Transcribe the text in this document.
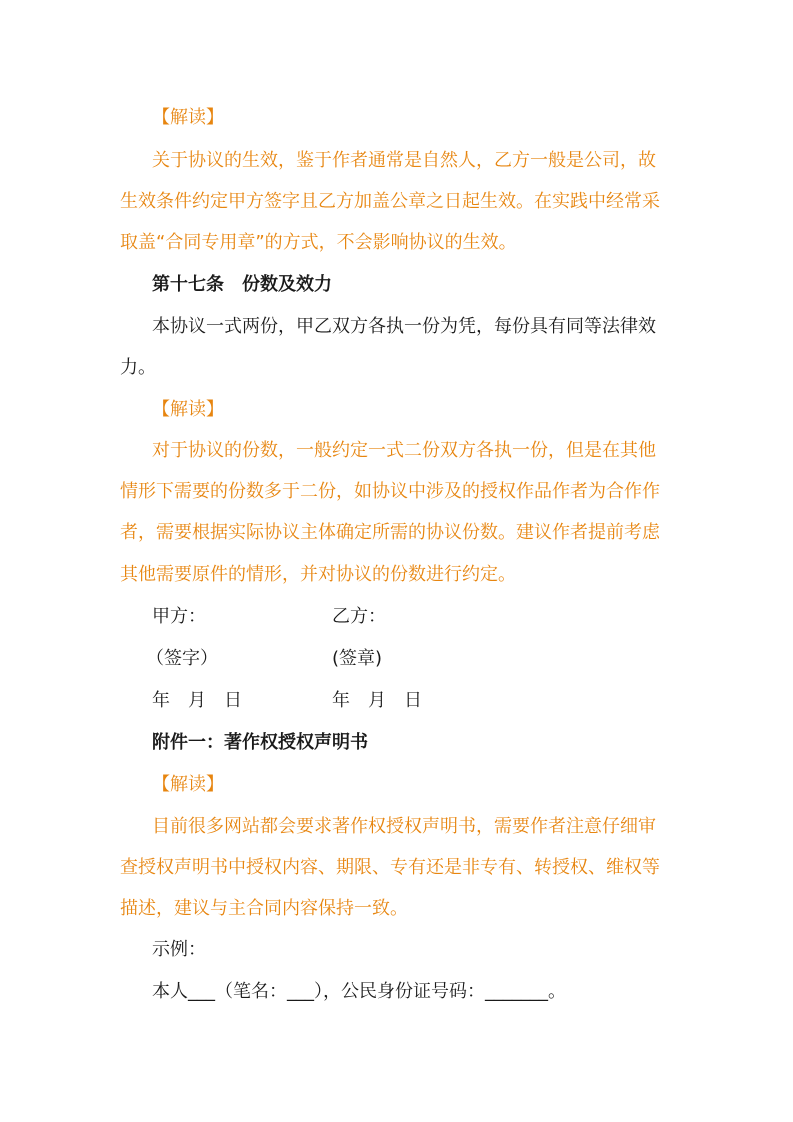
【解读】
关于协议的生效，鉴于作者通常是自然人，乙方一般是公司，故
生效条件约定甲方签字且乙方加盖公章之日起生效。在实践中经常采
取盖“合同专用章”的方式，不会影响协议的生效。
第十七条　份数及效力
本协议一式两份，甲乙双方各执一份为凭，每份具有同等法律效
力。
【解读】
对于协议的份数，一般约定一式二份双方各执一份，但是在其他
情形下需要的份数多于二份，如协议中涉及的授权作品作者为合作作
者，需要根据实际协议主体确定所需的协议份数。建议作者提前考虑
其他需要原件的情形，并对协议的份数进行约定。
甲方：	乙方：
（签字）	(签章)
年　月　日	年　月　日
附件一：著作权授权声明书
【解读】
目前很多网站都会要求著作权授权声明书，需要作者注意仔细审
查授权声明书中授权内容、期限、专有还是非专有、转授权、维权等
描述，建议与主合同内容保持一致。
示例：
本人___（笔名：___），公民身份证号码：_______。
